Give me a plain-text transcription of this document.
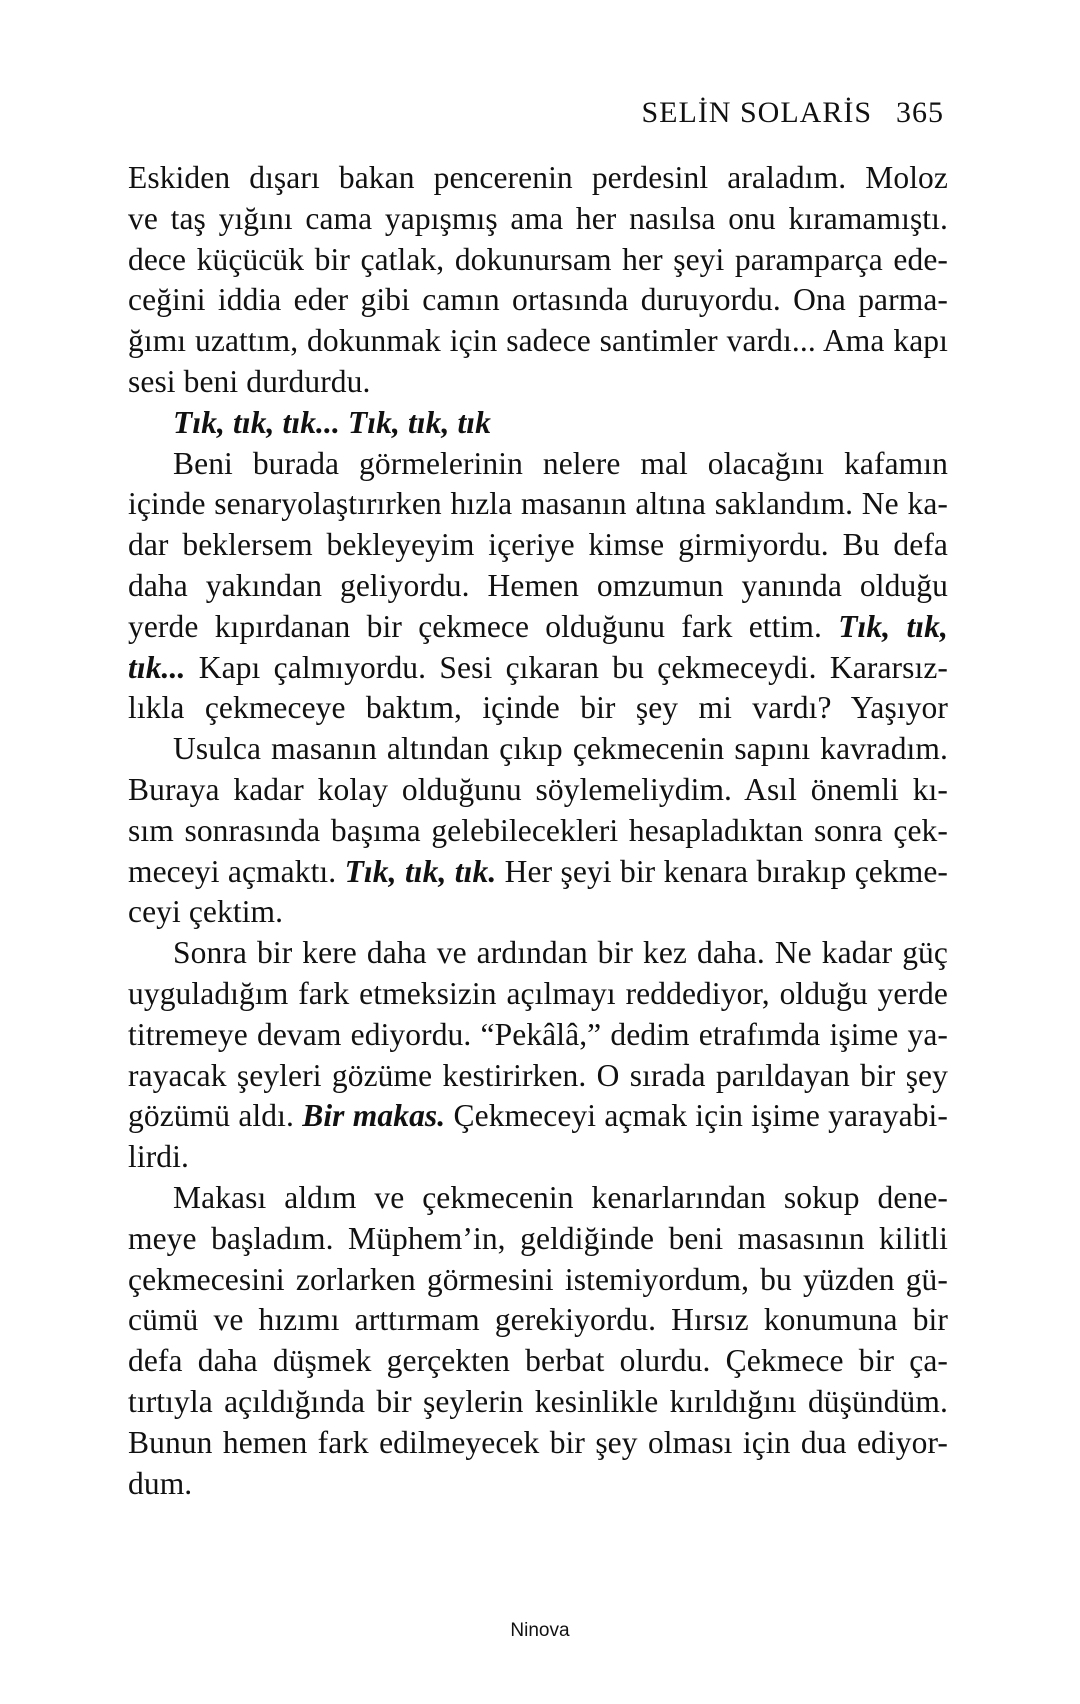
SELİN SOLARİS 365
Eskiden dışarı bakan pencerenin perdesinl araladım. Moloz
ve taş yığını cama yapışmış ama her nasılsa onu kıramamıştı.
dece küçücük bir çatlak, dokunursam her şeyi paramparça ede-
ceğini iddia eder gibi camın ortasında duruyordu. Ona parma-
ğımı uzattım, dokunmak için sadece santimler vardı... Ama kapı
sesi beni durdurdu.
Tık, tık, tık... Tık, tık, tık
Beni burada görmelerinin nelere mal olacağını kafamın
içinde senaryolaştırırken hızla masanın altına saklandım. Ne ka-
dar beklersem bekleyeyim içeriye kimse girmiyordu. Bu defa
daha yakından geliyordu. Hemen omzumun yanında olduğu
yerde kıpırdanan bir çekmece olduğunu fark ettim. Tık, tık,
tık... Kapı çalmıyordu. Sesi çıkaran bu çekmeceydi. Kararsız-
lıkla çekmeceye baktım, içinde bir şey mi vardı? Yaşıyor
Usulca masanın altından çıkıp çekmecenin sapını kavradım.
Buraya kadar kolay olduğunu söylemeliydim. Asıl önemli kı-
sım sonrasında başıma gelebilecekleri hesapladıktan sonra çek-
meceyi açmaktı. Tık, tık, tık. Her şeyi bir kenara bırakıp çekme-
ceyi çektim.
Sonra bir kere daha ve ardından bir kez daha. Ne kadar güç
uyguladığım fark etmeksizin açılmayı reddediyor, olduğu yerde
titremeye devam ediyordu. “Pekâlâ,” dedim etrafımda işime ya-
rayacak şeyleri gözüme kestirirken. O sırada parıldayan bir şey
gözümü aldı. Bir makas. Çekmeceyi açmak için işime yarayabi-
lirdi.
Makası aldım ve çekmecenin kenarlarından sokup dene-
meye başladım. Müphem’in, geldiğinde beni masasının kilitli
çekmecesini zorlarken görmesini istemiyordum, bu yüzden gü-
cümü ve hızımı arttırmam gerekiyordu. Hırsız konumuna bir
defa daha düşmek gerçekten berbat olurdu. Çekmece bir ça-
tırtıyla açıldığında bir şeylerin kesinlikle kırıldığını düşündüm.
Bunun hemen fark edilmeyecek bir şey olması için dua ediyor-
dum.
Ninova
